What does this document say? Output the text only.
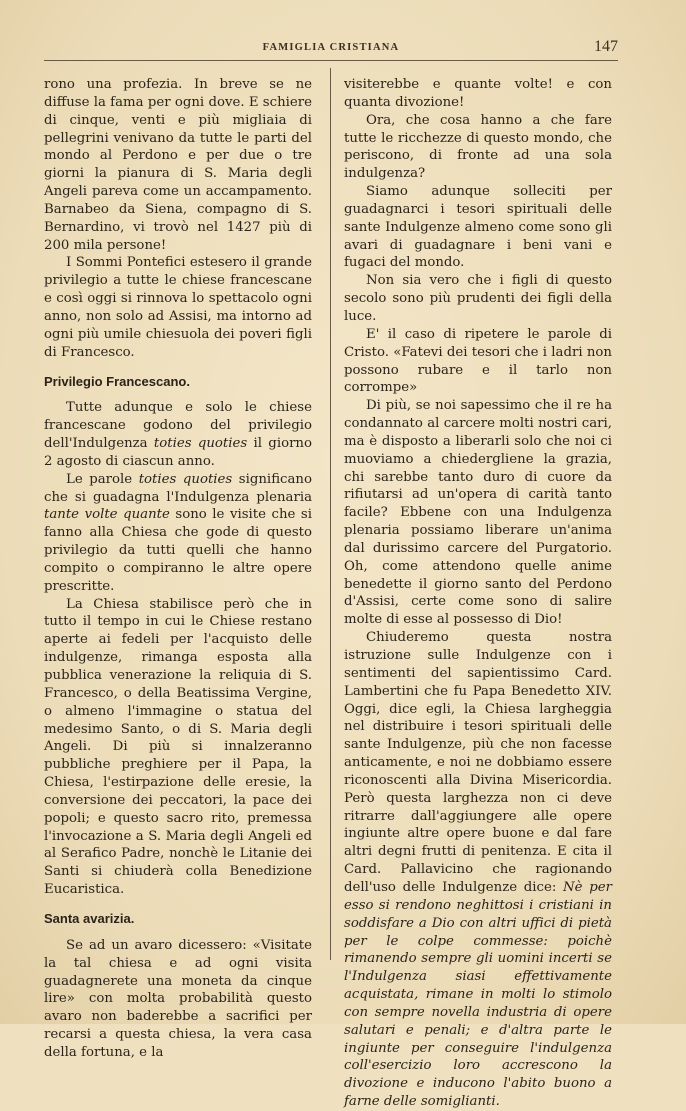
FAMIGLIA CRISTIANA	147

rono una profezia. In breve se ne diffuse la fama per ogni dove. E schiere di cinque, venti e più migliaia di pellegrini venivano da tutte le parti del mondo al Perdono e per due o tre giorni la pianura di S. Maria degli Angeli pareva come un accampamento. Barnabeo da Siena, compagno di S. Bernardino, vi trovò nel 1427 più di 200 mila persone!

I Sommi Pontefici estesero il grande privilegio a tutte le chiese francescane e così oggi si rinnova lo spettacolo ogni anno, non solo ad Assisi, ma intorno ad ogni più umile chiesuola dei poveri figli di Francesco.

Privilegio Francescano.

Tutte adunque e solo le chiese francescane godono del privilegio dell'Indulgenza toties quoties il giorno 2 agosto di ciascun anno.

Le parole toties quoties significano che si guadagna l'Indulgenza plenaria tante volte quante sono le visite che si fanno alla Chiesa che gode di questo privilegio da tutti quelli che hanno compito o compiranno le altre opere prescritte.

La Chiesa stabilisce però che in tutto il tempo in cui le Chiese restano aperte ai fedeli per l'acquisto delle indulgenze, rimanga esposta alla pubblica venerazione la reliquia di S. Francesco, o della Beatissima Vergine, o almeno l'immagine o statua del medesimo Santo, o di S. Maria degli Angeli. Di più si innalzeranno pubbliche preghiere per il Papa, la Chiesa, l'estirpazione delle eresie, la conversione dei peccatori, la pace dei popoli; e questo sacro rito, premessa l'invocazione a S. Maria degli Angeli ed al Serafico Padre, nonchè le Litanie dei Santi si chiuderà colla Benedizione Eucaristica.

Santa avarizia.

Se ad un avaro dicessero: «Visitate la tal chiesa e ad ogni visita guadagnerete una moneta da cinque lire» con molta probabilità questo avaro non baderebbe a sacrifici per recarsi a questa chiesa, la vera casa della fortuna, e la

visiterebbe e quante volte! e con quanta divozione!

Ora, che cosa hanno a che fare tutte le ricchezze di questo mondo, che periscono, di fronte ad una sola indulgenza?

Siamo adunque solleciti per guadagnarci i tesori spirituali delle sante Indulgenze almeno come sono gli avari di guadagnare i beni vani e fugaci del mondo.

Non sia vero che i figli di questo secolo sono più prudenti dei figli della luce.

E' il caso di ripetere le parole di Cristo. «Fatevi dei tesori che i ladri non possono rubare e il tarlo non corrompe»

Di più, se noi sapessimo che il re ha condannato al carcere molti nostri cari, ma è disposto a liberarli solo che noi ci muoviamo a chiedergliene la grazia, chi sarebbe tanto duro di cuore da rifiutarsi ad un'opera di carità tanto facile? Ebbene con una Indulgenza plenaria possiamo liberare un'anima dal durissimo carcere del Purgatorio. Oh, come attendono quelle anime benedette il giorno santo del Perdono d'Assisi, certe come sono di salire molte di esse al possesso di Dio!

Chiuderemo questa nostra istruzione sulle Indulgenze con i sentimenti del sapientissimo Card. Lambertini che fu Papa Benedetto XIV. Oggi, dice egli, la Chiesa largheggia nel distribuire i tesori spirituali delle sante Indulgenze, più che non facesse anticamente, e noi ne dobbiamo essere riconoscenti alla Divina Misericordia. Però questa larghezza non ci deve ritrarre dall'aggiungere alle opere ingiunte altre opere buone e dal fare altri degni frutti di penitenza. E cita il Card. Pallavicino che ragionando dell'uso delle Indulgenze dice: Nè per esso si rendono neghittosi i cristiani in soddisfare a Dio con altri uffici di pietà per le colpe commesse: poichè rimanendo sempre gli uomini incerti se l'Indulgenza siasi effettivamente acquistata, rimane in molti lo stimolo con sempre novella industria di opere salutari e penali; e d'altra parte le ingiunte per conseguire l'indulgenza coll'esercizio loro accrescono la divozione e inducono l'abito buono a farne delle somiglianti.
